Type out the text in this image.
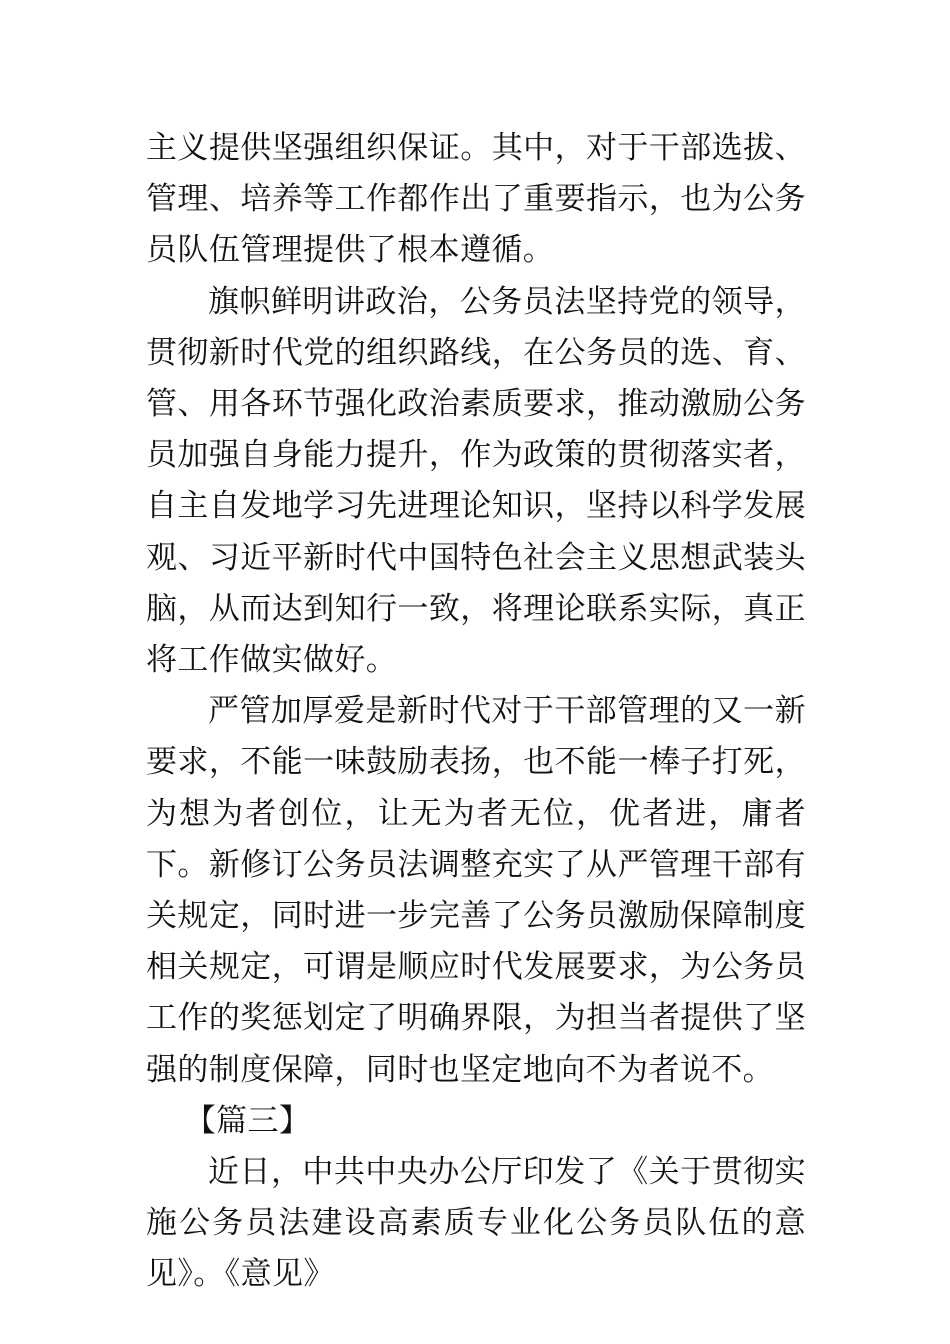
主义提供坚强组织保证。其中，对于干部选拔、管理、培养等工作都作出了重要指示，也为公务员队伍管理提供了根本遵循。

旗帜鲜明讲政治，公务员法坚持党的领导，贯彻新时代党的组织路线，在公务员的选、育、管、用各环节强化政治素质要求，推动激励公务员加强自身能力提升，作为政策的贯彻落实者，自主自发地学习先进理论知识，坚持以科学发展观、习近平新时代中国特色社会主义思想武装头脑，从而达到知行一致，将理论联系实际，真正将工作做实做好。

严管加厚爱是新时代对于干部管理的又一新要求，不能一味鼓励表扬，也不能一棒子打死，为想为者创位，让无为者无位，优者进，庸者下。新修订公务员法调整充实了从严管理干部有关规定，同时进一步完善了公务员激励保障制度相关规定，可谓是顺应时代发展要求，为公务员工作的奖惩划定了明确界限，为担当者提供了坚强的制度保障，同时也坚定地向不为者说不。

【篇三】

近日，中共中央办公厅印发了《关于贯彻实施公务员法建设高素质专业化公务员队伍的意见》。《意见》
